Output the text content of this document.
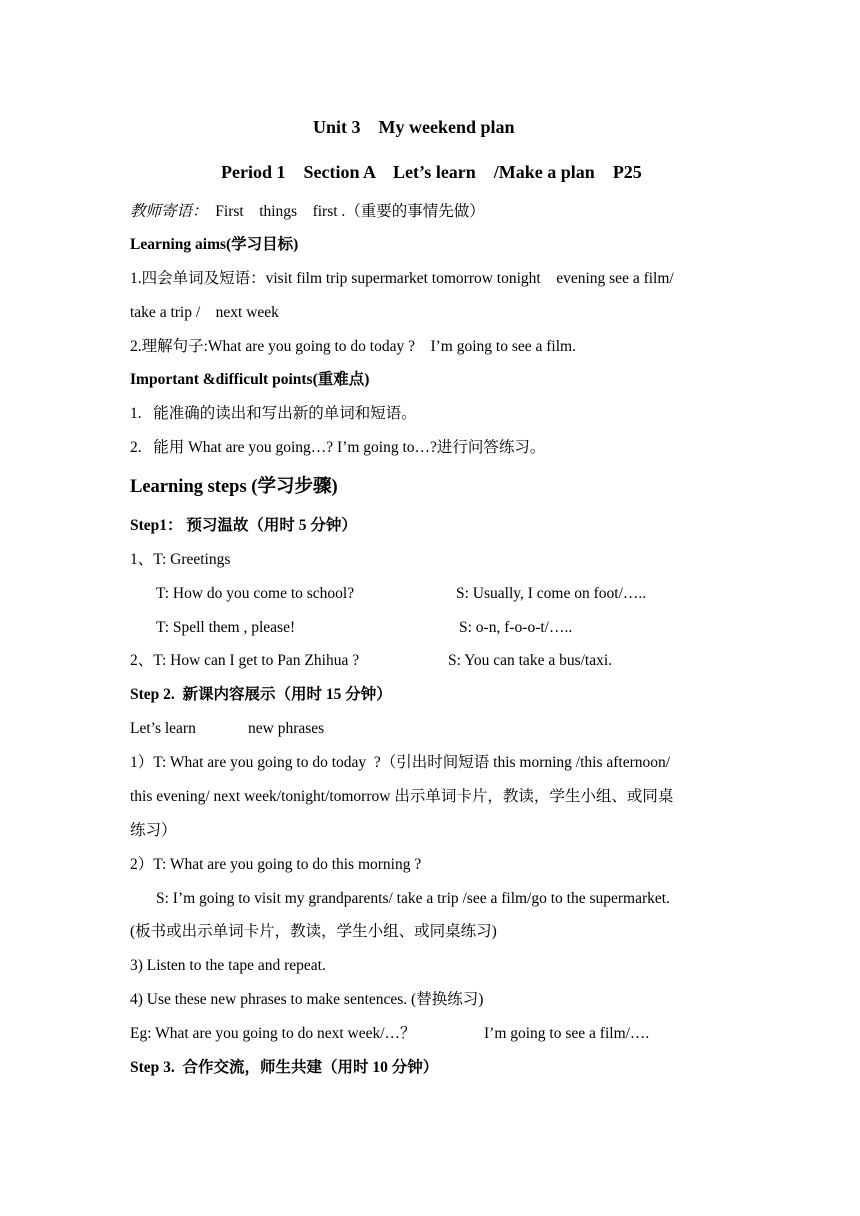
Unit 3    My weekend plan
Period 1    Section A    Let’s learn    /Make a plan    P25
教师寄语：  First    things    first .（重要的事情先做）
Learning aims(学习目标)
1.四会单词及短语：visit film trip supermarket tomorrow tonight    evening see a film/
take a trip /    next week
2.理解句子:What are you going to do today ?    I’m going to see a film.
Important &difficult points(重难点)
1.   能准确的读出和写出新的单词和短语。
2.   能用 What are you going…? I’m going to…?进行问答练习。
Learning steps (学习步骤)
Step1： 预习温故（用时 5 分钟）
1、T: Greetings
T: How do you come to school?	S: Usually, I come on foot/…..
T: Spell them , please!	S: o-n, f-o-o-t/…..
2、T: How can I get to Pan Zhihua ?	S: You can take a bus/taxi.
Step 2.  新课内容展示（用时 15 分钟）
Let’s learn	new phrases
1）T: What are you going to do today  ?（引出时间短语 this morning /this afternoon/
this evening/ next week/tonight/tomorrow 出示单词卡片，教读，学生小组、或同桌
练习）
2）T: What are you going to do this morning ?
S: I’m going to visit my grandparents/ take a trip /see a film/go to the supermarket.
(板书或出示单词卡片，教读，学生小组、或同桌练习)
3) Listen to the tape and repeat.
4) Use these new phrases to make sentences. (替换练习)
Eg: What are you going to do next week/…？	I’m going to see a film/….
Step 3.  合作交流，师生共建（用时 10 分钟）
